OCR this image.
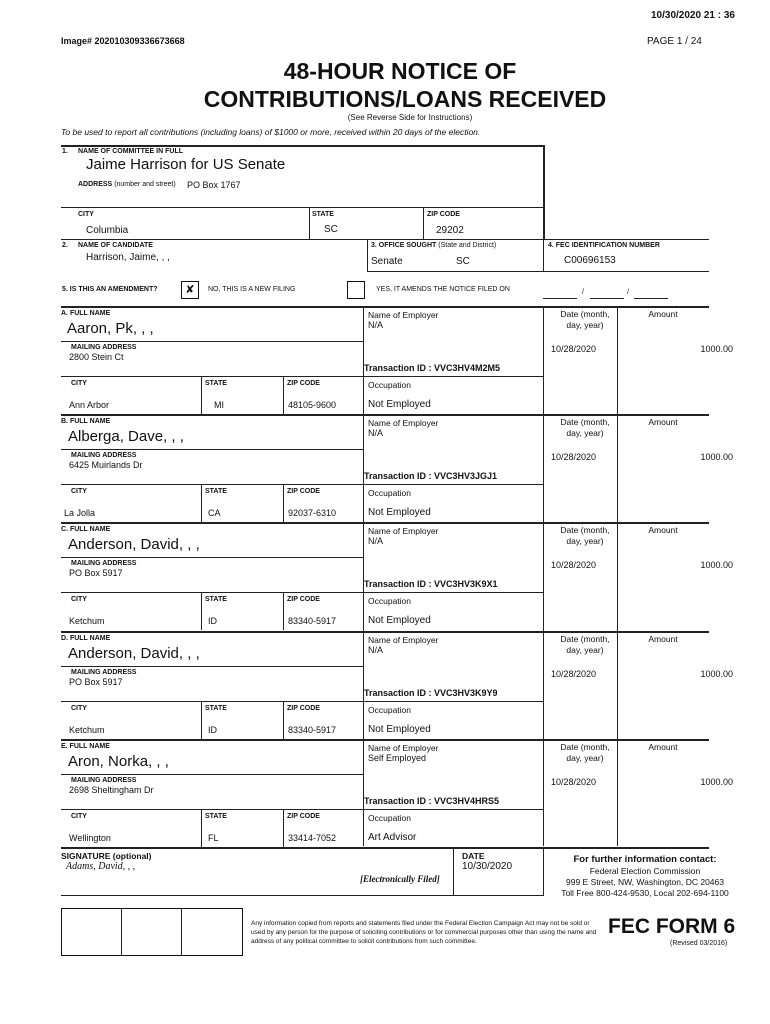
10/30/2020 21 : 36
Image# 202010309336673668	PAGE 1 / 24
48-HOUR NOTICE OF
CONTRIBUTIONS/LOANS RECEIVED
(See Reverse Side for Instructions)
To be used to report all contributions (including loans) of $1000 or more, received within 20 days of the election.
1. NAME OF COMMITTEE IN FULL
Jaime Harrison for US Senate
ADDRESS (number and street) PO Box 1767
CITY	STATE	ZIP CODE
Columbia	SC	29202
2. NAME OF CANDIDATE
Harrison, Jaime, , ,
3. OFFICE SOUGHT (State and District)
Senate	SC
4. FEC IDENTIFICATION NUMBER
C00696153
5. IS THIS AN AMENDMENT?	✘	NO, THIS IS A NEW FILING	YES, IT AMENDS THE NOTICE FILED ON	/	/
A. FULL NAME
Aaron, Pk, , ,
MAILING ADDRESS
2800 Stein Ct
CITY	STATE	ZIP CODE
Ann Arbor	MI	48105-9600
Name of Employer
N/A
Transaction ID : VVC3HV4M2M5
Occupation
Not Employed
Date (month,
day, year)
Amount
10/28/2020	1000.00
B. FULL NAME
Alberga, Dave, , ,
MAILING ADDRESS
6425 Muirlands Dr
CITY	STATE	ZIP CODE
La Jolla	CA	92037-6310
Name of Employer
N/A
Transaction ID : VVC3HV3JGJ1
Occupation
Not Employed
Date (month,
day, year)
Amount
10/28/2020	1000.00
C. FULL NAME
Anderson, David, , ,
MAILING ADDRESS
PO Box 5917
CITY	STATE	ZIP CODE
Ketchum	ID	83340-5917
Name of Employer
N/A
Transaction ID : VVC3HV3K9X1
Occupation
Not Employed
Date (month,
day, year)
Amount
10/28/2020	1000.00
D. FULL NAME
Anderson, David, , ,
MAILING ADDRESS
PO Box 5917
CITY	STATE	ZIP CODE
Ketchum	ID	83340-5917
Name of Employer
N/A
Transaction ID : VVC3HV3K9Y9
Occupation
Not Employed
Date (month,
day, year)
Amount
10/28/2020	1000.00
E. FULL NAME
Aron, Norka, , ,
MAILING ADDRESS
2698 Sheltingham Dr
CITY	STATE	ZIP CODE
Wellington	FL	33414-7052
Name of Employer
Self Employed
Transaction ID : VVC3HV4HRS5
Occupation
Art Advisor
Date (month,
day, year)
Amount
10/28/2020	1000.00
SIGNATURE (optional)
Adams, David, , ,
[Electronically Filed]
DATE
10/30/2020
For further information contact:
Federal Election Commission
999 E Street, NW, Washington, DC 20463
Toll Free 800-424-9530, Local 202-694-1100
Any information copied from reports and statements filed under the Federal Election Campaign Act may not be sold or used by any person for the purpose of soliciting contributions or for commercial purposes other than using the name and address of any political committee to solicit contributions from such committee.
FEC FORM 6
(Revised 03/2016)
